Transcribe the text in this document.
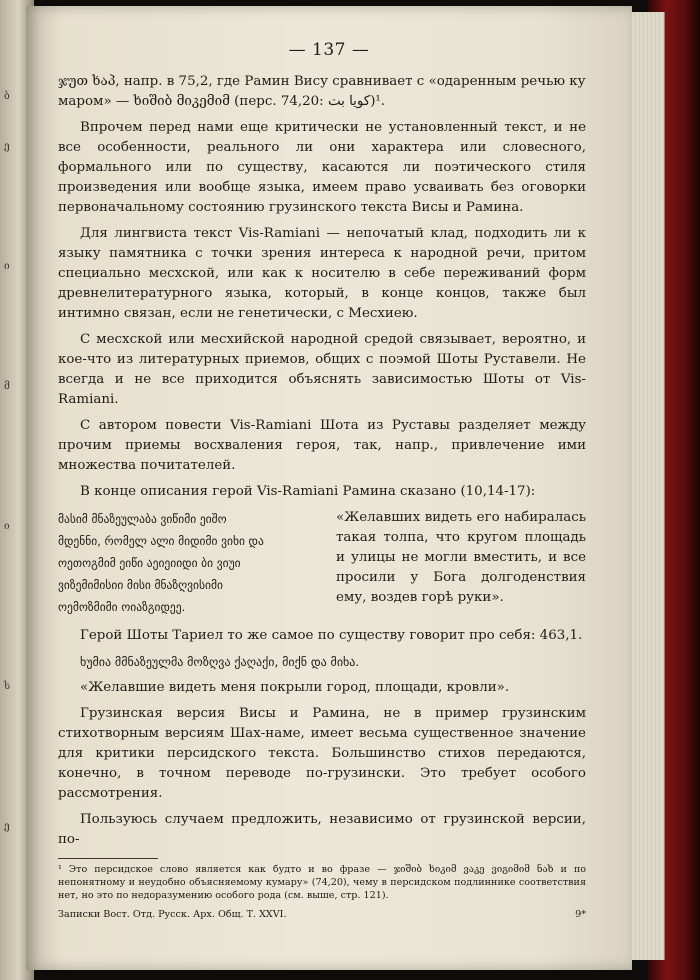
ბ
ე
ი
მ
ი
ს
ე
— 137 —

ჯუთ ხაპ, напр. в 75,2, где Рамин Вису сравнивает с «одаренным речью ку
маром» — ხიშიბ მიკემიმ (перс. 74,20: کویا بت)¹.

Впрочем перед нами еще критически не установленный текст, и не все особенности, реального ли они характера или словесного, формального или по существу, касаются ли поэтического стиля произведения или вообще языка, имеем право усваивать без оговорки первоначальному состоянию грузинского текста Висы и Рамина.

Для лингвиста текст Vis-Ramiani — непочатый клад, подходить ли к языку памятника с точки зрения интереса к народной речи, притом специально месхской, или как к носителю в себе переживаний форм древнелитературного языка, который, в конце концов, также был интимно связан, если не генетически, с Месхиею.

С месхской или месхийской народной средой связывает, вероятно, и кое-что из литературных приемов, общих с поэмой Шоты Руставели. Не всегда и не все приходится объяснять зависимостью Шоты от Vis-Ramiani.

С автором повести Vis-Ramiani Шота из Руставы разделяет между прочим приемы восхваления героя, так, напр., привлечение ими множества почитателей.

В конце описания герой Vis-Ramiani Рамина сказано (10,14-17):

მასიმ მნაზეულაბა ვიწიმი ეიშო
მდენნი, რომელ ალი მიდიმი ვიხი და
ოეთოგმიმ ეიწი აეიეიიდი ბი ვიუი
ვიზემიმისიი მისი მნაზღვისიმი
ოემოზმიმი ოიაზგიდეე.
«Желавших видеть его набиралась такая толпа, что кругом площадь и улицы не могли вместить, и все просили у Бога долгоденствия ему, воздев горѣ руки».

Герой Шоты Тариел то же самое по существу говорит про себя: 463,1.

ხუმია მმნაზეულმა მოზღვა ქაღაქი, მიქნ და მიხა.

«Желавшие видеть меня покрыли город, площади, кровли».

Грузинская версия Висы и Рамина, не в пример грузинским стихотворным версиям Шах-наме, имеет весьма существенное значение для критики персидского текста. Большинство стихов передаются, конечно, в точном переводе по-грузински. Это требует особого рассмотрения.

Пользуюсь случаем предложить, независимо от грузинской версии, по-

¹ Это персидское слово является как будто и во фразе — ჯიშიბ ხიკიმ ვაკე ვიგიმიმ ნახ и по непонятному и неудобно объясняемому кумару» (74,20), чему в персидском подлиннике соответствия нет, но это по недоразумению особого рода (см. выше, стр. 121).
Записки Вост. Отд. Русск. Арх. Общ. Т. XXVI.	9*
